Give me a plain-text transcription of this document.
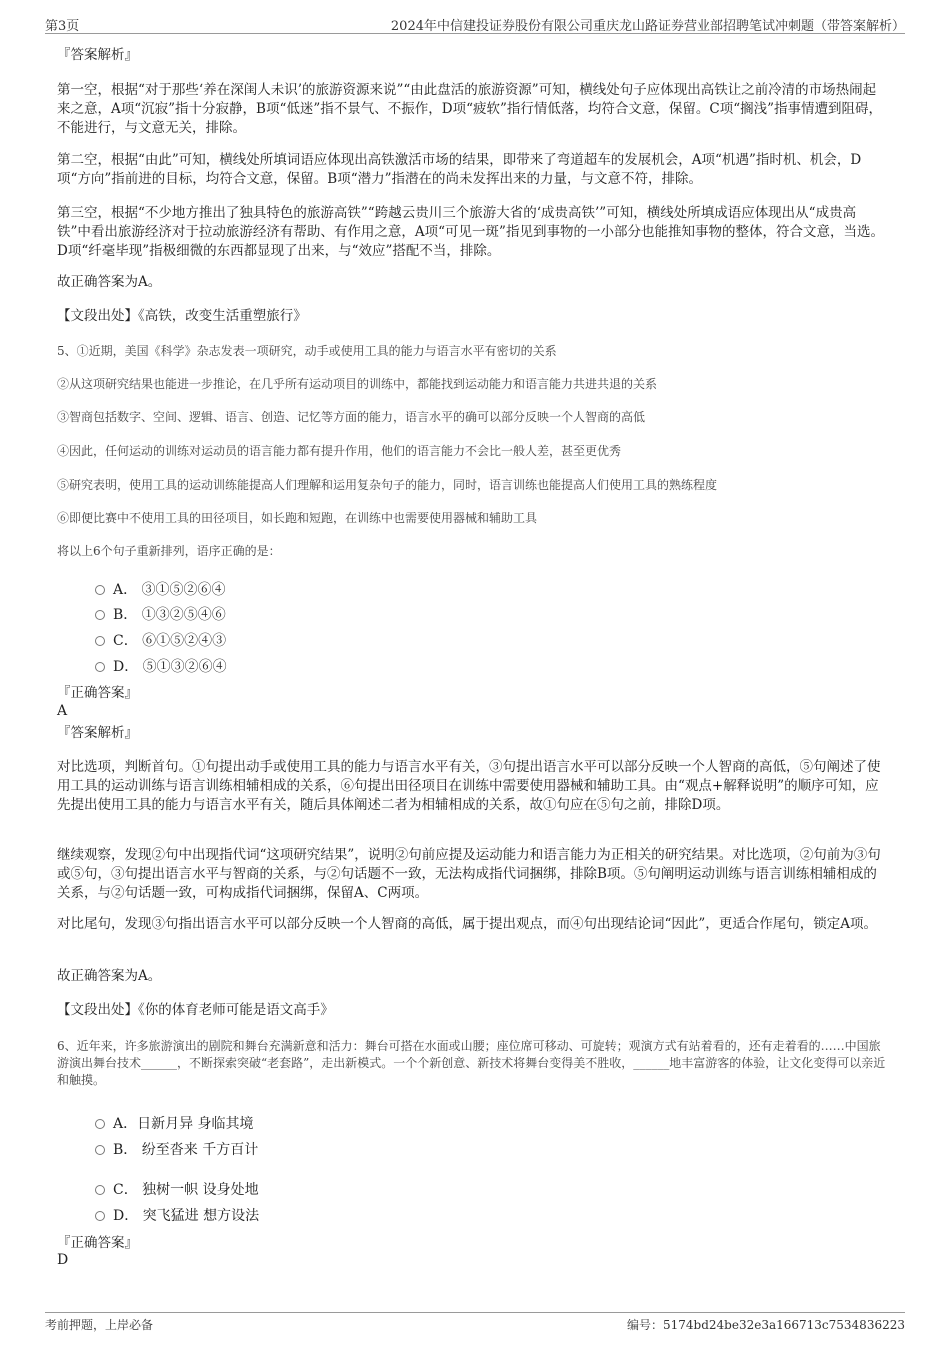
第3页	2024年中信建投证券股份有限公司重庆龙山路证券营业部招聘笔试冲刺题（带答案解析）
『答案解析』
第一空，根据“对于那些‘养在深闺人未识’的旅游资源来说”“由此盘活的旅游资源”可知，横线处句子应体现出高铁让之前冷清的市场热闹起来之意，A项“沉寂”指十分寂静，B项“低迷”指不景气、不振作，D项“疲软”指行情低落，均符合文意，保留。C项“搁浅”指事情遭到阻碍，不能进行，与文意无关，排除。
第二空，根据“由此”可知，横线处所填词语应体现出高铁激活市场的结果，即带来了弯道超车的发展机会，A项“机遇”指时机、机会，D项“方向”指前进的目标，均符合文意，保留。B项“潜力”指潜在的尚未发挥出来的力量，与文意不符，排除。
第三空，根据“不少地方推出了独具特色的旅游高铁”“跨越云贵川三个旅游大省的‘成贵高铁’”可知，横线处所填成语应体现出从“成贵高铁”中看出旅游经济对于拉动旅游经济有帮助、有作用之意，A项“可见一斑”指见到事物的一小部分也能推知事物的整体，符合文意，当选。D项“纤毫毕现”指极细微的东西都显现了出来，与“效应”搭配不当，排除。
故正确答案为A。
【文段出处】《高铁，改变生活重塑旅行》
5、①近期，美国《科学》杂志发表一项研究，动手或使用工具的能力与语言水平有密切的关系
②从这项研究结果也能进一步推论，在几乎所有运动项目的训练中，都能找到运动能力和语言能力共进共退的关系
③智商包括数字、空间、逻辑、语言、创造、记忆等方面的能力，语言水平的确可以部分反映一个人智商的高低
④因此，任何运动的训练对运动员的语言能力都有提升作用，他们的语言能力不会比一般人差，甚至更优秀
⑤研究表明，使用工具的运动训练能提高人们理解和运用复杂句子的能力，同时，语言训练也能提高人们使用工具的熟练程度
⑥即便比赛中不使用工具的田径项目，如长跑和短跑，在训练中也需要使用器械和辅助工具
将以上6个句子重新排列，语序正确的是：
A． ③①⑤②⑥④
B． ①③②⑤④⑥
C． ⑥①⑤②④③
D． ⑤①③②⑥④
『正确答案』
A
『答案解析』
对比选项，判断首句。①句提出动手或使用工具的能力与语言水平有关，③句提出语言水平可以部分反映一个人智商的高低，⑤句阐述了使用工具的运动训练与语言训练相辅相成的关系，⑥句提出田径项目在训练中需要使用器械和辅助工具。由“观点+解释说明”的顺序可知，应先提出使用工具的能力与语言水平有关，随后具体阐述二者为相辅相成的关系，故①句应在⑤句之前，排除D项。
继续观察，发现②句中出现指代词“这项研究结果”，说明②句前应提及运动能力和语言能力为正相关的研究结果。对比选项，②句前为③句或⑤句，③句提出语言水平与智商的关系，与②句话题不一致，无法构成指代词捆绑，排除B项。⑤句阐明运动训练与语言训练相辅相成的关系，与②句话题一致，可构成指代词捆绑，保留A、C两项。
对比尾句，发现③句指出语言水平可以部分反映一个人智商的高低，属于提出观点，而④句出现结论词“因此”，更适合作尾句，锁定A项。
故正确答案为A。
【文段出处】《你的体育老师可能是语文高手》
6、近年来，许多旅游演出的剧院和舞台充满新意和活力：舞台可搭在水面或山腰；座位席可移动、可旋转；观演方式有站着看的，还有走着看的……中国旅游演出舞台技术______，不断探索突破“老套路”，走出新模式。一个个新创意、新技术将舞台变得美不胜收，______地丰富游客的体验，让文化变得可以亲近和触摸。
A．日新月异 身临其境
B． 纷至沓来 千方百计
C． 独树一帜 设身处地
D． 突飞猛进 想方设法
『正确答案』
D
考前押题，上岸必备	编号：5174bd24be32e3a166713c7534836223
